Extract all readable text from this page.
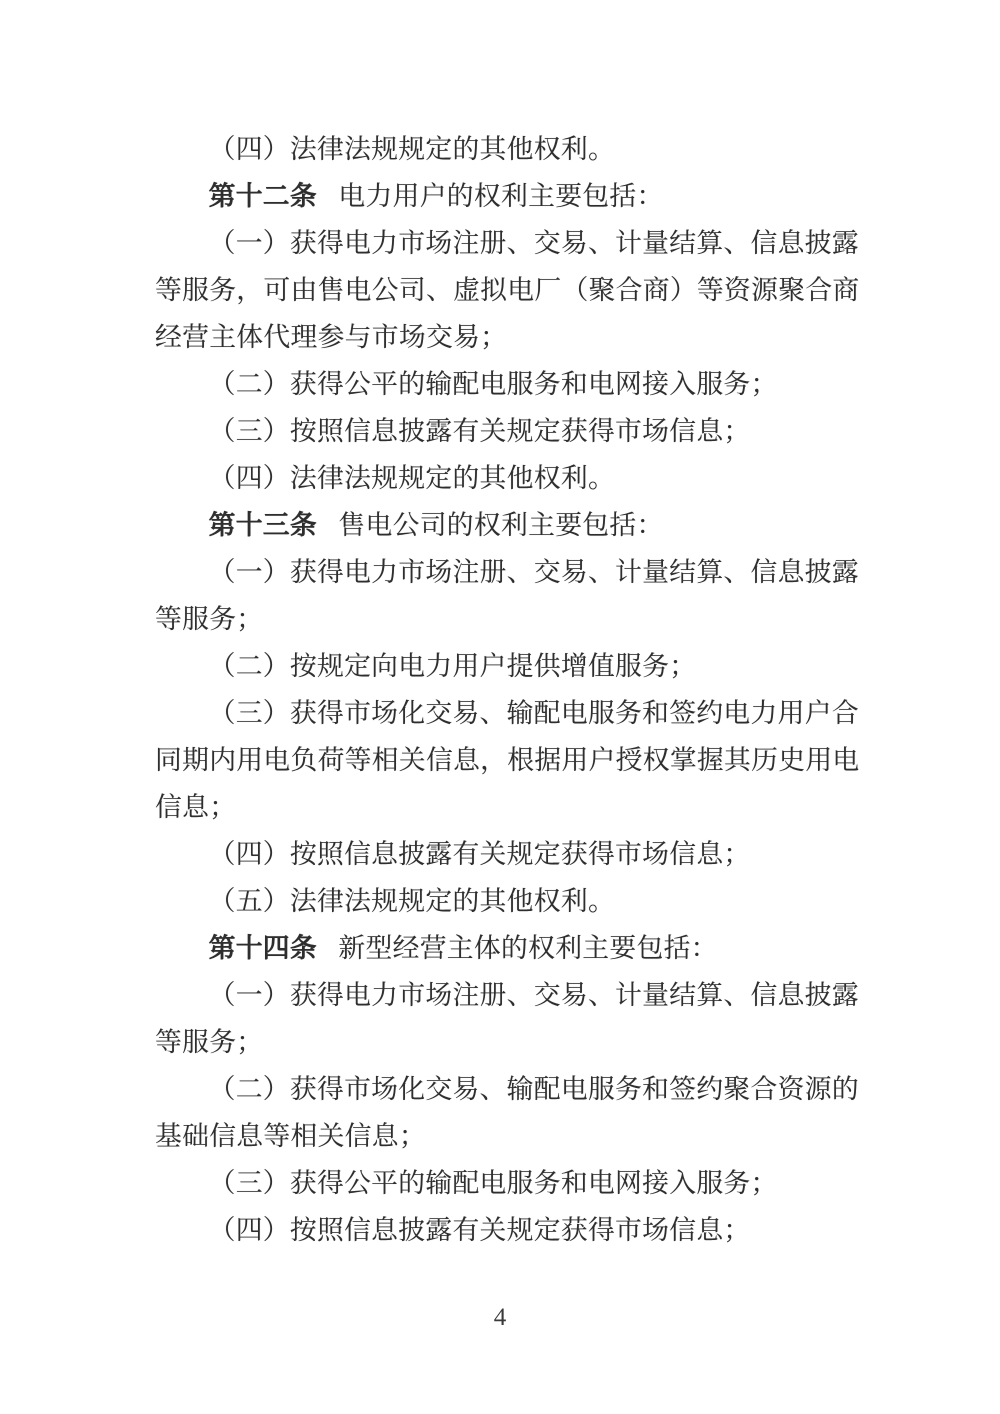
（四）法律法规规定的其他权利。
第十二条 电力用户的权利主要包括：
（一）获得电力市场注册、交易、计量结算、信息披露
等服务，可由售电公司、虚拟电厂（聚合商）等资源聚合商
经营主体代理参与市场交易；
（二）获得公平的输配电服务和电网接入服务；
（三）按照信息披露有关规定获得市场信息；
（四）法律法规规定的其他权利。
第十三条 售电公司的权利主要包括：
（一）获得电力市场注册、交易、计量结算、信息披露
等服务；
（二）按规定向电力用户提供增值服务；
（三）获得市场化交易、输配电服务和签约电力用户合
同期内用电负荷等相关信息，根据用户授权掌握其历史用电
信息；
（四）按照信息披露有关规定获得市场信息；
（五）法律法规规定的其他权利。
第十四条 新型经营主体的权利主要包括：
（一）获得电力市场注册、交易、计量结算、信息披露
等服务；
（二）获得市场化交易、输配电服务和签约聚合资源的
基础信息等相关信息；
（三）获得公平的输配电服务和电网接入服务；
（四）按照信息披露有关规定获得市场信息；
4
